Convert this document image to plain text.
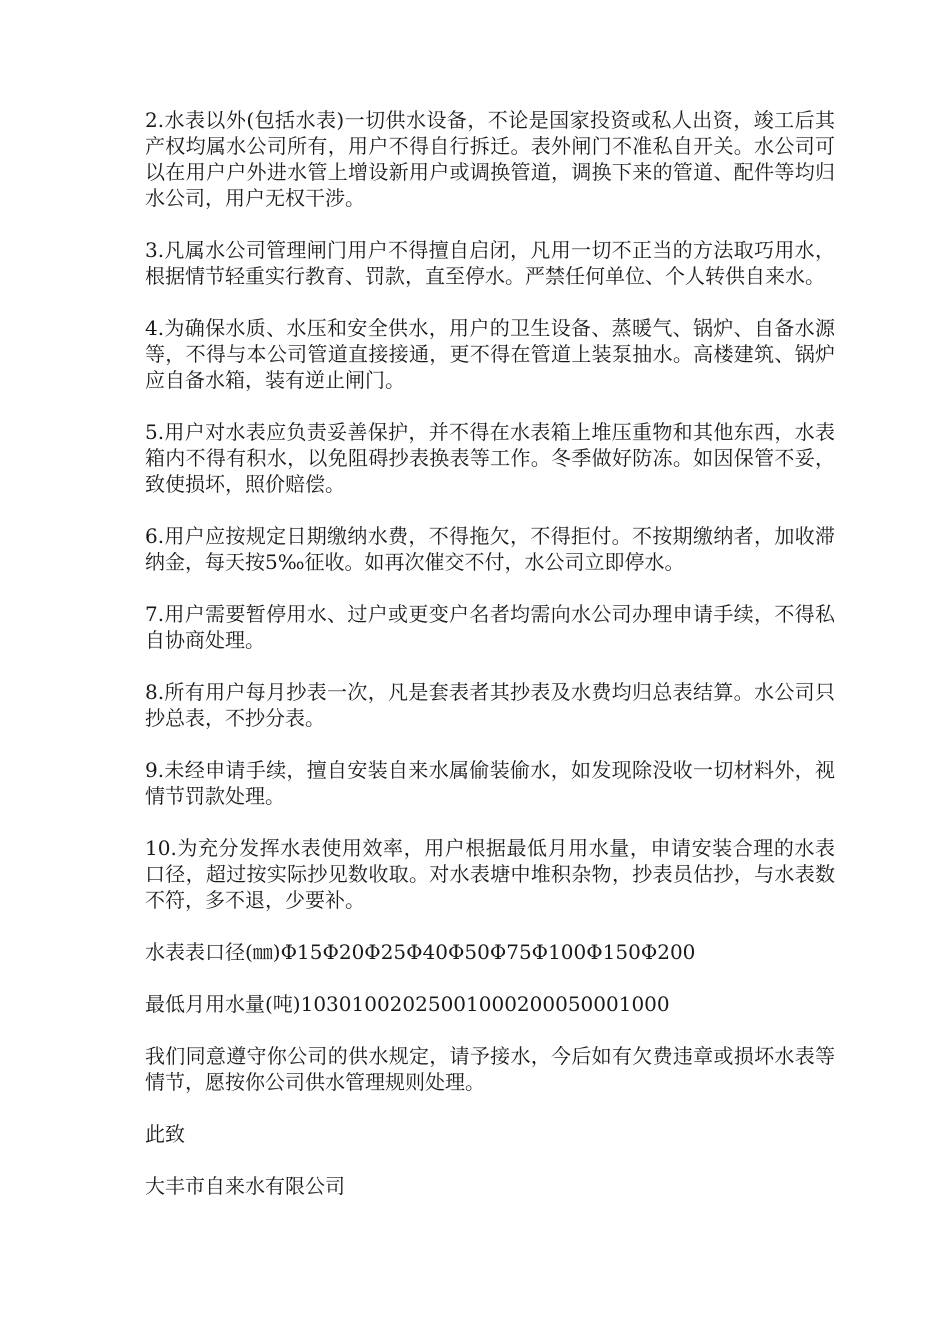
2.水表以外(包括水表)一切供水设备，不论是国家投资或私人出资，竣工后其产权均属水公司所有，用户不得自行拆迁。表外闸门不准私自开关。水公司可以在用户户外进水管上增设新用户或调换管道，调换下来的管道、配件等均归水公司，用户无权干涉。

3.凡属水公司管理闸门用户不得擅自启闭，凡用一切不正当的方法取巧用水，根据情节轻重实行教育、罚款，直至停水。严禁任何单位、个人转供自来水。

4.为确保水质、水压和安全供水，用户的卫生设备、蒸暖气、锅炉、自备水源等，不得与本公司管道直接接通，更不得在管道上装泵抽水。高楼建筑、锅炉应自备水箱，装有逆止闸门。

5.用户对水表应负责妥善保护，并不得在水表箱上堆压重物和其他东西，水表箱内不得有积水，以免阻碍抄表换表等工作。冬季做好防冻。如因保管不妥，致使损坏，照价赔偿。

6.用户应按规定日期缴纳水费，不得拖欠，不得拒付。不按期缴纳者，加收滞纳金，每天按5‰征收。如再次催交不付，水公司立即停水。

7.用户需要暂停用水、过户或更变户名者均需向水公司办理申请手续，不得私自协商处理。

8.所有用户每月抄表一次，凡是套表者其抄表及水费均归总表结算。水公司只抄总表，不抄分表。

9.未经申请手续，擅自安装自来水属偷装偷水，如发现除没收一切材料外，视情节罚款处理。

10.为充分发挥水表使用效率，用户根据最低月用水量，申请安装合理的水表口径，超过按实际抄见数收取。对水表塘中堆积杂物，抄表员估抄，与水表数不符，多不退，少要补。

水表表口径(㎜)Φ15Φ20Φ25Φ40Φ50Φ75Φ100Φ150Φ200

最低月用水量(吨)10301002025001000200050001000

我们同意遵守你公司的供水规定，请予接水，今后如有欠费违章或损坏水表等情节，愿按你公司供水管理规则处理。

此致

大丰市自来水有限公司
